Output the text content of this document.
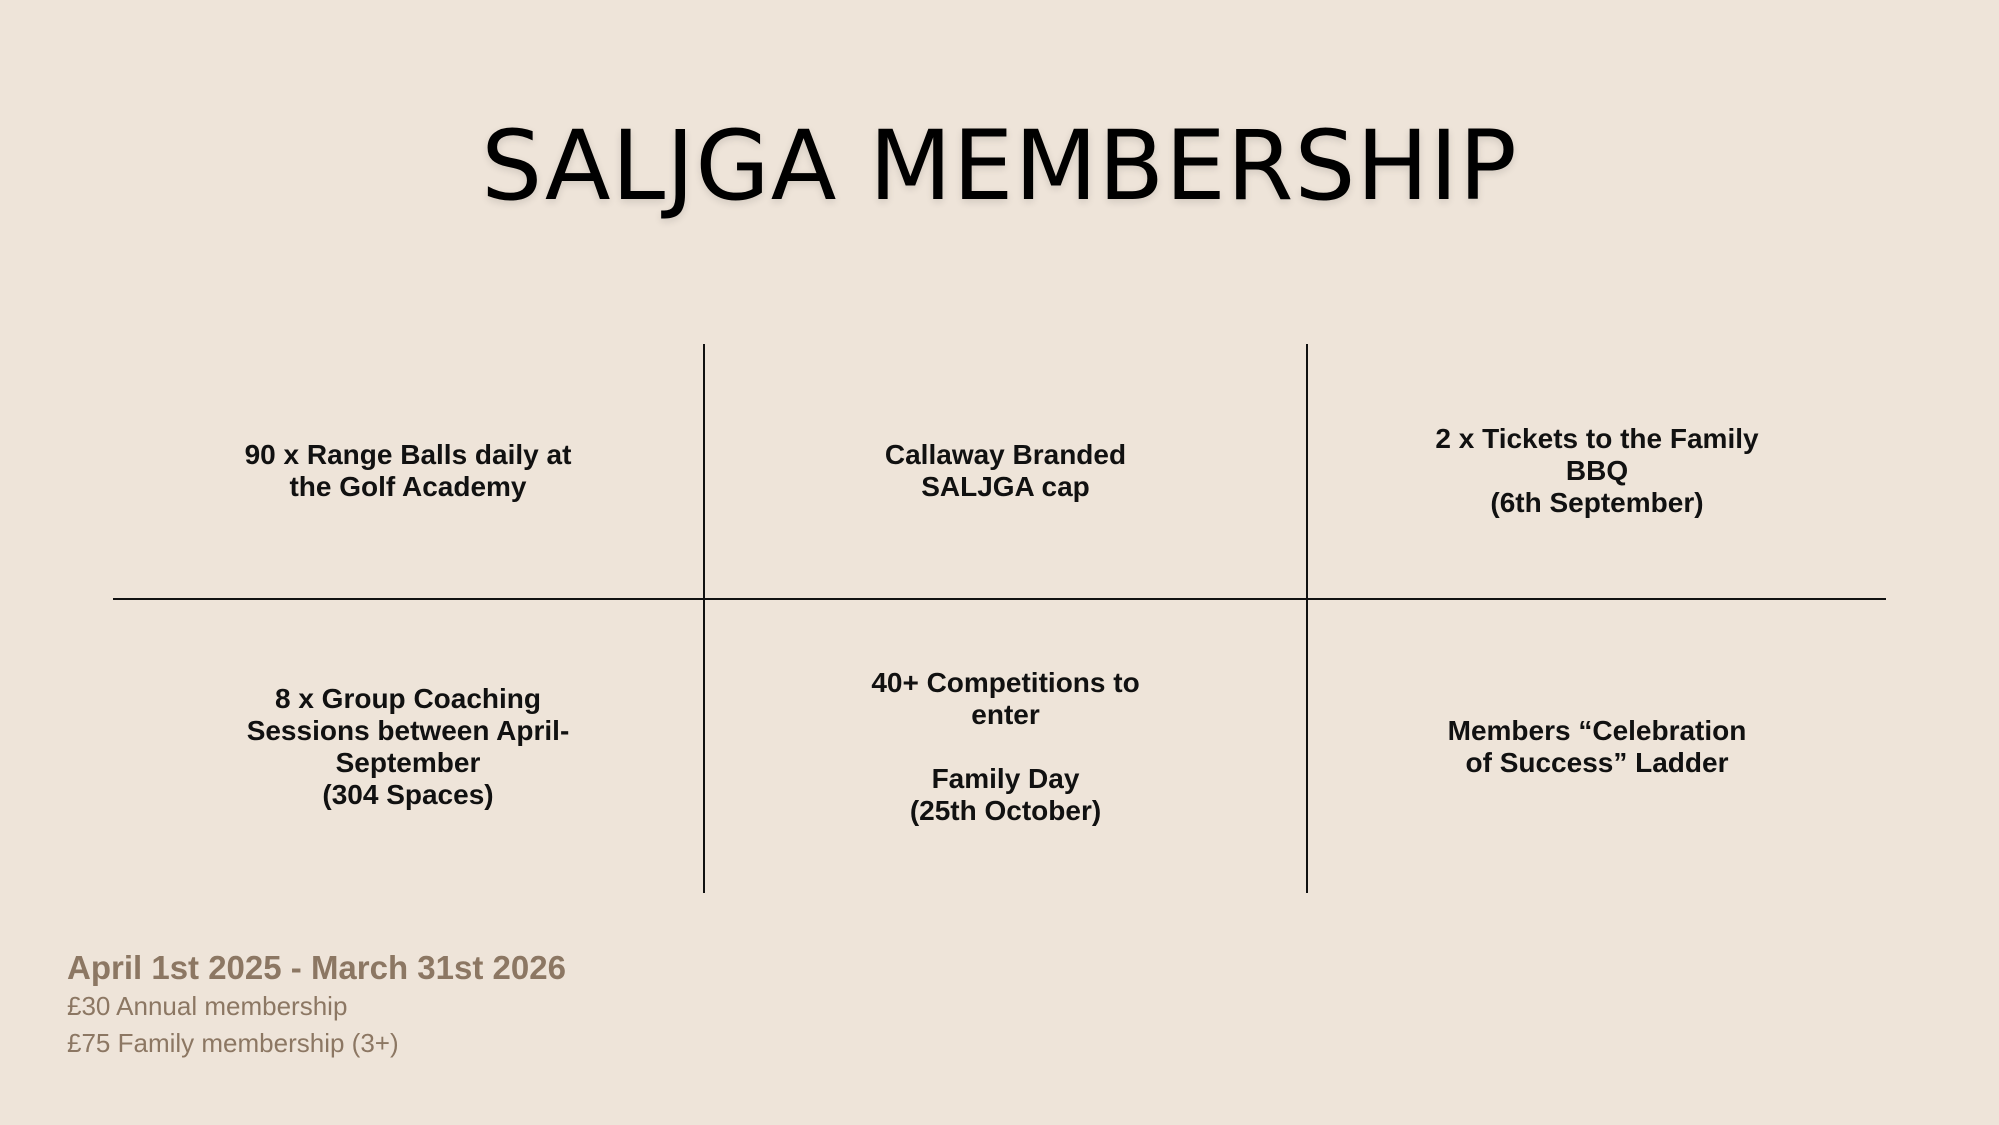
SALJGA MEMBERSHIP
90 x Range Balls daily at
the Golf Academy
Callaway Branded
SALJGA cap
2 x Tickets to the Family
BBQ
(6th September)
8 x Group Coaching
Sessions between April-
September
(304 Spaces)
40+ Competitions to
enter

Family Day
(25th October)
Members “Celebration
of Success” Ladder
April 1st 2025 - March 31st 2026
£30 Annual membership
£75 Family membership (3+)
